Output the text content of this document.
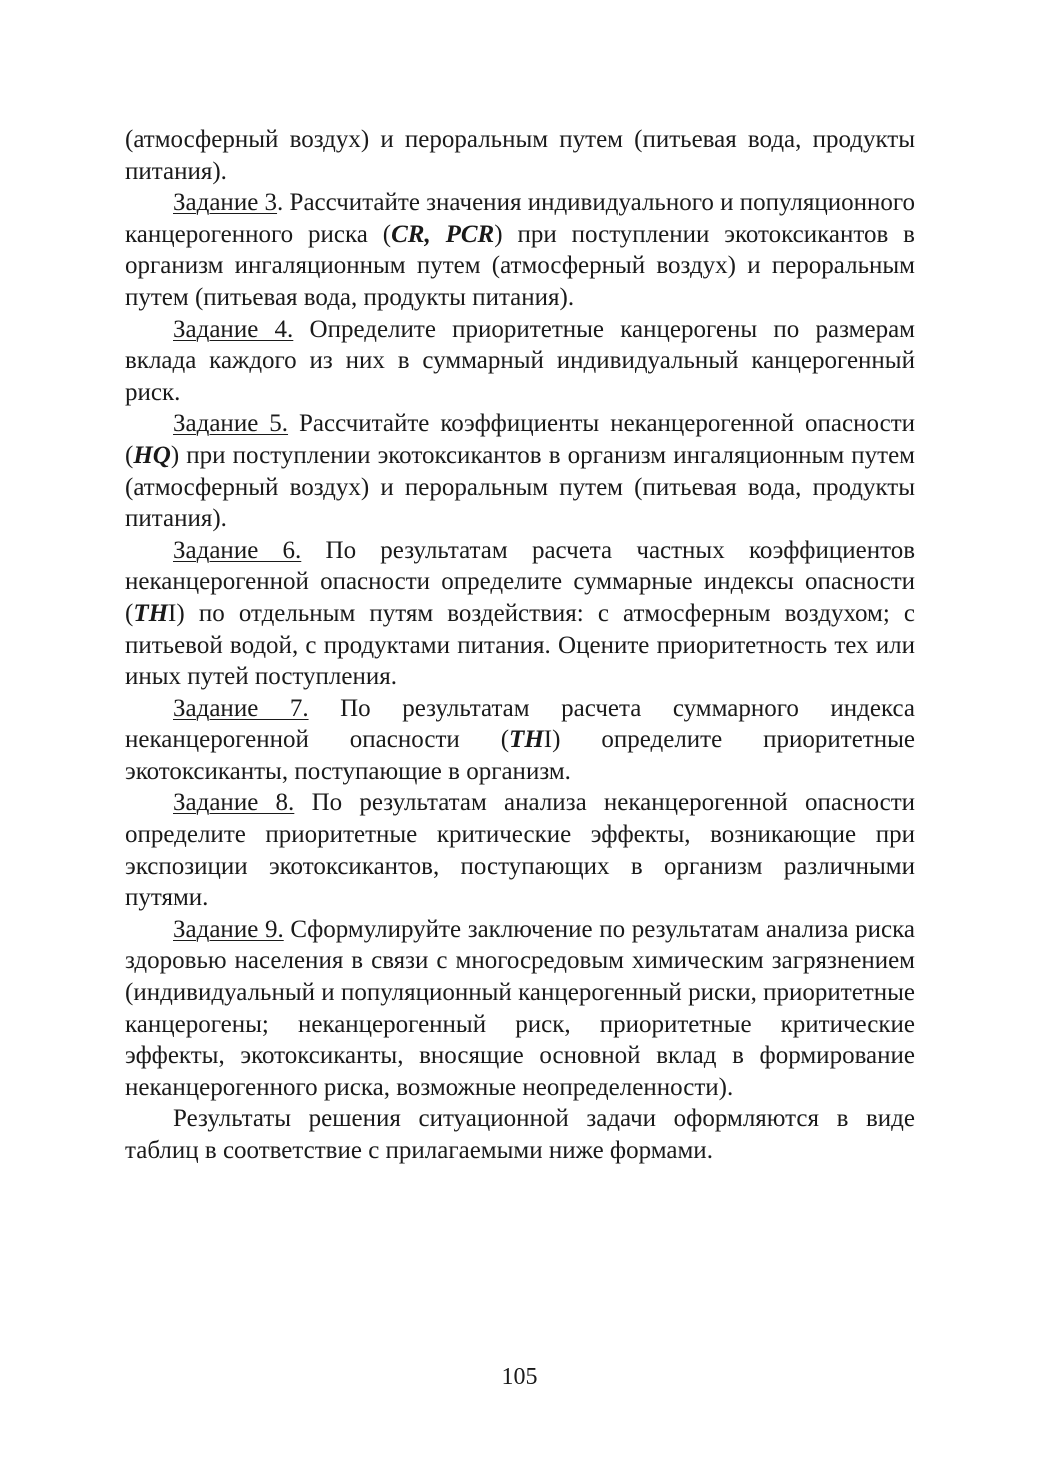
(атмосферный воздух) и пероральным путем (питьевая вода, продукты питания).

Задание 3. Рассчитайте значения индивидуального и популяционного канцерогенного риска (CR, PCR) при поступлении экотоксикантов в организм ингаляционным путем (атмосферный воздух) и пероральным путем (питьевая вода, продукты питания).

Задание 4. Определите приоритетные канцерогены по размерам вклада каждого из них в суммарный индивидуальный канцерогенный риск.

Задание 5. Рассчитайте коэффициенты неканцерогенной опасности (HQ) при поступлении экотоксикантов в организм ингаляционным путем (атмосферный воздух) и пероральным путем (питьевая вода, продукты питания).

Задание 6. По результатам расчета частных коэффициентов неканцерогенной опасности определите суммарные индексы опасности (THI) по отдельным путям воздействия: с атмосферным воздухом; с питьевой водой, с продуктами питания. Оцените приоритетность тех или иных путей поступления.

Задание 7. По результатам расчета суммарного индекса неканцерогенной опасности (THI) определите приоритетные экотоксиканты, поступающие в организм.

Задание 8. По результатам анализа неканцерогенной опасности определите приоритетные критические эффекты, возникающие при экспозиции экотоксикантов, поступающих в организм различными путями.

Задание 9. Сформулируйте заключение по результатам анализа риска здоровью населения в связи с многосредовым химическим загрязнением (индивидуальный и популяционный канцерогенный риски, приоритетные канцерогены; неканцерогенный риск, приоритетные критические эффекты, экотоксиканты, вносящие основной вклад в формирование неканцерогенного риска, возможные неопределенности).

Результаты решения ситуационной задачи оформляются в виде таблиц в соответствие с прилагаемыми ниже формами.

105
